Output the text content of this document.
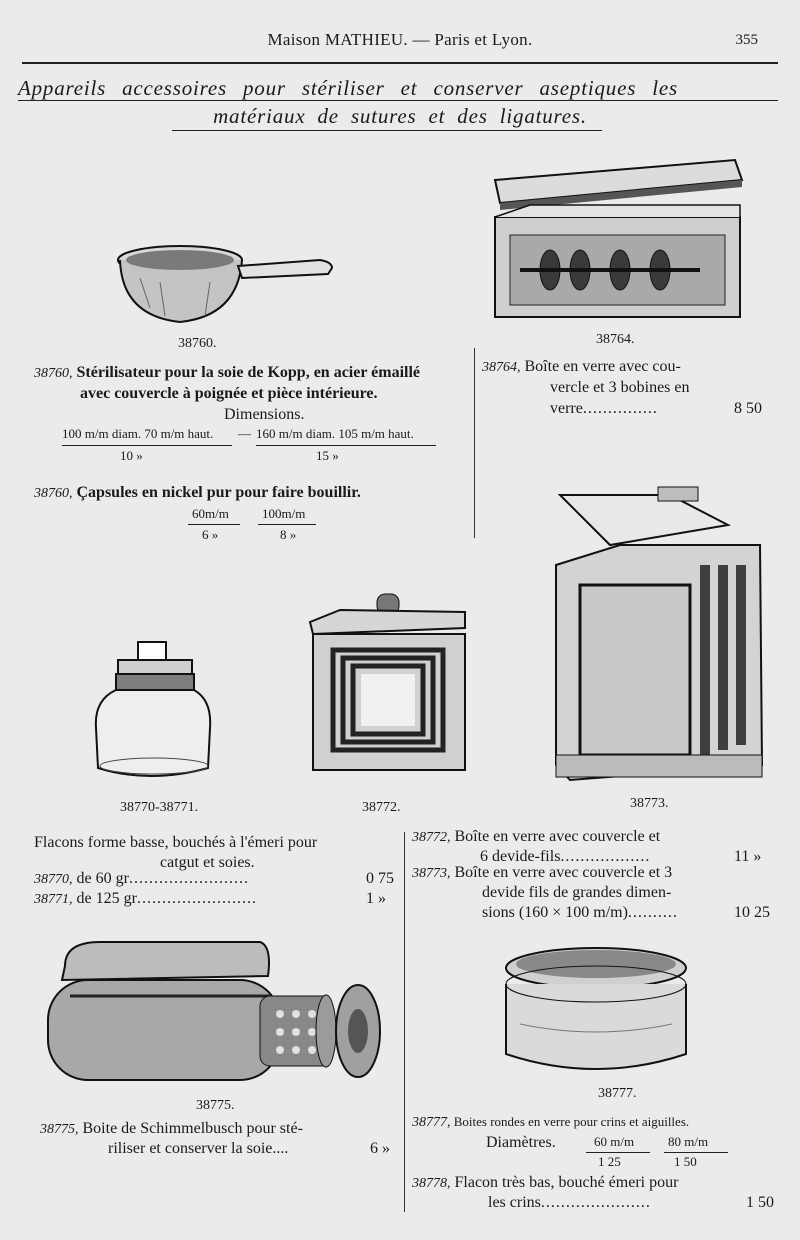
Maison MATHIEU. — Paris et Lyon.	355
Appareils accessoires pour stériliser et conserver aseptiques les
matériaux de sutures et des ligatures.
38760.	38764.
38760, Stérilisateur pour la soie de Kopp, en acier émaillé
avec couvercle à poignée et pièce intérieure.
Dimensions.
100 m/m diam. 70 m/m haut. — 160 m/m diam. 105 m/m haut.
10 »	15 »
38760, Çapsules en nickel pur pour faire bouillir.
60m/m	100m/m
6 »	8 »
38764, Boîte en verre avec cou-
vercle et 3 bobines en
verre...............	8 50
38770-38771.	38772.	38773.
Flacons forme basse, bouchés à l'émeri pour
catgut et soies.
38770, de 60 gr........................	0 75
38771, de 125 gr........................	1 »
38772, Boîte en verre avec couvercle et
6 devide-fils..................	11 »
38773, Boîte en verre avec couvercle et 3
devide fils de grandes dimen-
sions (160 × 100 m/m)..........	10 25
38775.
38777.
38775, Boite de Schimmelbusch pour sté-
riliser et conserver la soie....	6 »
38777, Boites rondes en verre pour crins et aiguilles.
Diamètres.	60 m/m	80 m/m
1 25	1 50
38778, Flacon très bas, bouché émeri pour
les crins......................	1 50
